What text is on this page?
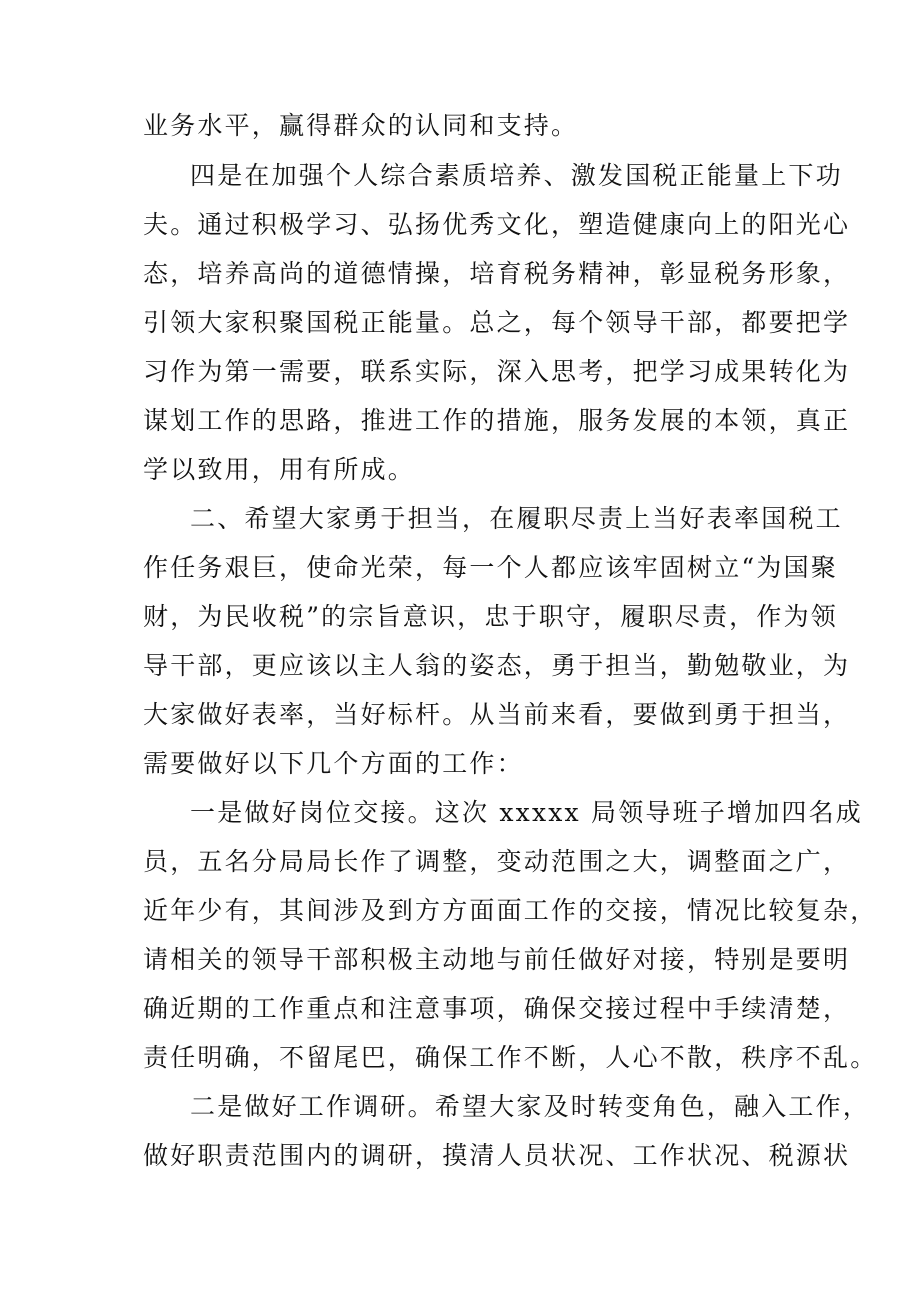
业务水平，赢得群众的认同和支持。
四是在加强个人综合素质培养、激发国税正能量上下功
夫。通过积极学习、弘扬优秀文化，塑造健康向上的阳光心
态，培养高尚的道德情操，培育税务精神，彰显税务形象，
引领大家积聚国税正能量。总之，每个领导干部，都要把学
习作为第一需要，联系实际，深入思考，把学习成果转化为
谋划工作的思路，推进工作的措施，服务发展的本领，真正
学以致用，用有所成。
二、希望大家勇于担当，在履职尽责上当好表率国税工
作任务艰巨，使命光荣，每一个人都应该牢固树立“为国聚
财，为民收税”的宗旨意识，忠于职守，履职尽责，作为领
导干部，更应该以主人翁的姿态，勇于担当，勤勉敬业，为
大家做好表率，当好标杆。从当前来看，要做到勇于担当，
需要做好以下几个方面的工作：
一是做好岗位交接。这次 xxxxx 局领导班子增加四名成
员，五名分局局长作了调整，变动范围之大，调整面之广，
近年少有，其间涉及到方方面面工作的交接，情况比较复杂，
请相关的领导干部积极主动地与前任做好对接，特别是要明
确近期的工作重点和注意事项，确保交接过程中手续清楚，
责任明确，不留尾巴，确保工作不断，人心不散，秩序不乱。
二是做好工作调研。希望大家及时转变角色，融入工作，
做好职责范围内的调研，摸清人员状况、工作状况、税源状
